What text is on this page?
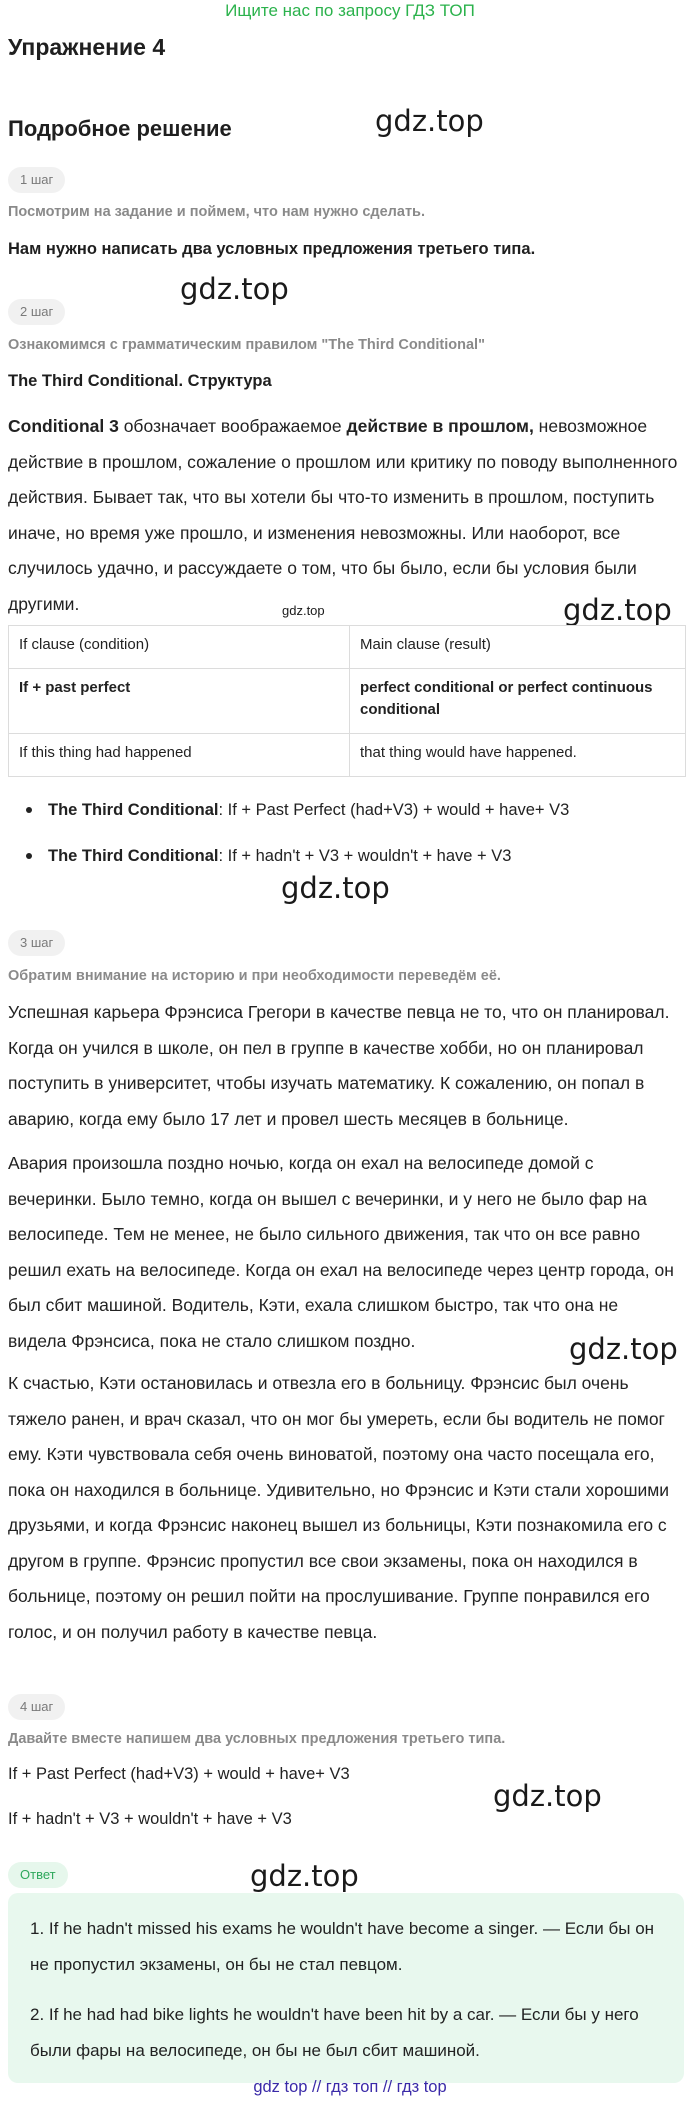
Ищите нас по запросу ГДЗ ТОП
Упражнение 4
Подробное решение	gdz.top
gdz.top
gdz.top
gdz.top
gdz.top
gdz.top
gdz.top
gdz.top
1 шаг
Посмотрим на задание и поймем, что нам нужно сделать.
Нам нужно написать два условных предложения третьего типа.
2 шаг
Ознакомимся с грамматическим правилом "The Third Conditional"
The Third Conditional. Структура
Conditional 3 обозначает воображаемое действие в прошлом, невозможное действие в прошлом, сожаление о прошлом или критику по поводу выполненного действия. Бывает так, что вы хотели бы что-то изменить в прошлом, поступить иначе, но время уже прошло, и изменения невозможны. Или наоборот, все случилось удачно, и рассуждаете о том, что бы было, если бы условия были другими.
If clause (condition)	Main clause (result)
If + past perfect	perfect conditional or perfect continuous conditional
If this thing had happened	that thing would have happened.
The Third Conditional: If + Past Perfect (had+V3) + would + have+ V3
The Third Conditional: If + hadn't + V3 + wouldn't + have + V3
3 шаг
Обратим внимание на историю и при необходимости переведём её.
Успешная карьера Фрэнсиса Грегори в качестве певца не то, что он планировал. Когда он учился в школе, он пел в группе в качестве хобби, но он планировал поступить в университет, чтобы изучать математику. К сожалению, он попал в аварию, когда ему было 17 лет и провел шесть месяцев в больнице.
Авария произошла поздно ночью, когда он ехал на велосипеде домой с вечеринки. Было темно, когда он вышел с вечеринки, и у него не было фар на велосипеде. Тем не менее, не было сильного движения, так что он все равно решил ехать на велосипеде. Когда он ехал на велосипеде через центр города, он был сбит машиной. Водитель, Кэти, ехала слишком быстро, так что она не видела Фрэнсиса, пока не стало слишком поздно.
К счастью, Кэти остановилась и отвезла его в больницу. Фрэнсис был очень тяжело ранен, и врач сказал, что он мог бы умереть, если бы водитель не помог ему. Кэти чувствовала себя очень виноватой, поэтому она часто посещала его, пока он находился в больнице. Удивительно, но Фрэнсис и Кэти стали хорошими друзьями, и когда Фрэнсис наконец вышел из больницы, Кэти познакомила его с другом в группе. Фрэнсис пропустил все свои экзамены, пока он находился в больнице, поэтому он решил пойти на прослушивание. Группе понравился его голос, и он получил работу в качестве певца.
4 шаг
Давайте вместе напишем два условных предложения третьего типа.
If + Past Perfect (had+V3) + would + have+ V3
If + hadn't + V3 + wouldn't + have + V3
Ответ

1. If he hadn't missed his exams he wouldn't have become a singer. — Если бы он не пропустил экзамены, он бы не стал певцом.

2. If he had had bike lights he wouldn't have been hit by a car. — Если бы у него были фары на велосипеде, он бы не был сбит машиной.

gdz top // гдз топ // гдз top
